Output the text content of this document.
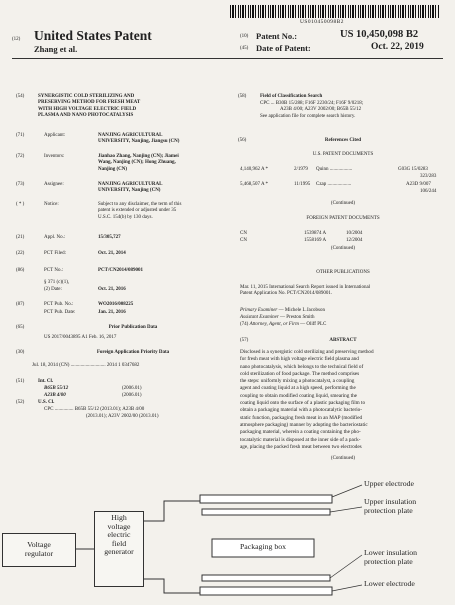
US010450098B2
(12) United States Patent
Zhang et al.
(10) Patent No.:	US 10,450,098 B2
(45) Date of Patent:	Oct. 22, 2019
(54)	SYNERGISTIC COLD STERILIZING AND
PRESERVING METHOD FOR FRESH MEAT
WITH HIGH VOLTAGE ELECTRIC FIELD
PLASMA AND NANO PHOTOCATALYSIS
(71)	Applicant:	NANJING AGRICULTURAL
UNIVERSITY, Nanjing, Jiangsu (CN)
(72)	Inventors:	Jianhao Zhang, Nanjing (CN); Jiamei
Wang, Nanjing (CN); Hong Zhuang,
Nanjing (CN)
(73)	Assignee:	NANJING AGRICULTURAL
UNIVERSITY, Nanjing (CN)
( * )	Notice:	Subject to any disclaimer, the term of this
patent is extended or adjusted under 35
U.S.C. 154(b) by 130 days.
(21)	Appl. No.:	15/305,727
(22)	PCT Filed:	Oct. 21, 2014
(86)	PCT No.:	PCT/CN2014/089001
§ 371 (c)(1),
(2) Date:	Oct. 21, 2016
(87)	PCT Pub. No.:	WO2016/008225
PCT Pub. Date:	Jan. 21, 2016
(65)	Prior Publication Data
US 2017/0043895 A1 Feb. 16, 2017
(30)	Foreign Application Priority Data
Jul. 18, 2014 (CN) ............................ 2014 1 0347682
(51)	Int. Cl.
B65B 55/12	(2006.01)
A23B 4/00	(2006.01)
(52)	U.S. Cl.
CPC ............... B65B 55/12 (2013.01); A23B 4/00
(2013.01); A23V 2002/00 (2013.01)
(58)	Field of Classification Search
CPC ... B30B 15/288; F16F 2230/24; F16F 9/0218;
A23B 4/00; A23V 2002/00; B65B 55/12
See application file for complete search history.
(56)	References Cited
U.S. PATENT DOCUMENTS
4,140,962 A *	2/1979 Quinn ..................	G03G 15/0283
323/283
5,468,507 A *	11/1995 Czap ...................	A23D 9/007
106/244
(Continued)
FOREIGN PATENT DOCUMENTS
CN	1539874 A	10/2004
CN	1558169 A	12/2004
(Continued)
OTHER PUBLICATIONS
Mar. 11, 2015 International Search Report issued in International
Patent Application No. PCT/CN2014/089001.
Primary Examiner — Michele L Jacobson
Assistant Examiner — Preston Smith
(74) Attorney, Agent, or Firm — Oliff PLC
(57)	ABSTRACT
Disclosed is a synergistic cold sterilizing and preserving method
for fresh meat with high voltage electric field plasma and
nano photocatalysis, which belongs to the technical field of
cold sterilization of food package. The method comprises
the steps: uniformly mixing a photocatalyst, a coupling
agent and coating liquid at a high speed, performing the
coupling to obtain modified coating liquid, smearing the
coating liquid onto the surface of a plastic packaging film to
obtain a packaging material with a photocatalytic bacterio-
static function, packaging fresh meat in an MAP (modified
atmosphere packaging) manner by adopting the bacteriostatic
packaging material, wherein a coating containing the pho-
tocatalytic material is disposed at the inner side of a pack-
age, placing the packed fresh meat between two electrodes
(Continued)
Voltage
regulator
High
voltage
electric
field
generator
Packaging box
Upper electrode
Upper insulation
protection plate
Lower insulation
protection plate
Lower electrode
